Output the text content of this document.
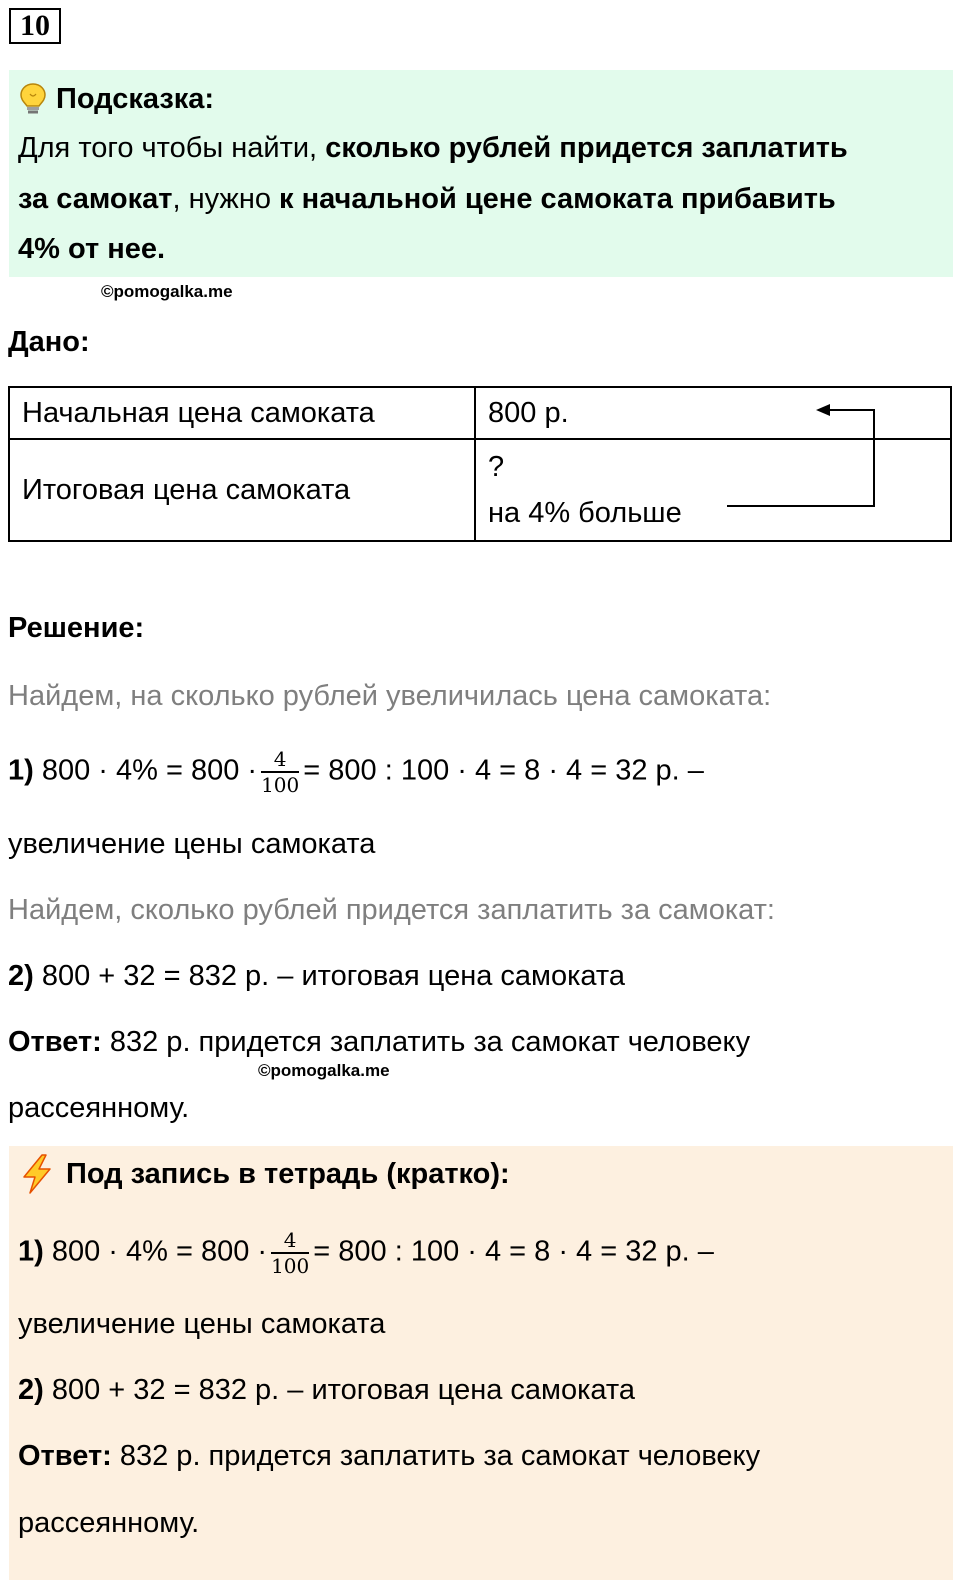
10
Подсказка:
Для того чтобы найти, сколько рублей придется заплатить
за самокат, нужно к начальной цене самоката прибавить
4% от нее.
©pomogalka.me
Дано:
Начальная цена самоката	800 р.
Итоговая цена самоката	?
на 4% больше
Решение:
Найдем, на сколько рублей увеличилась цена самоката:
1) $800 \cdot 4\% = 800 \cdot \frac{4}{100} = 800$ : 100 · 4 = 8 · 4 = 32 р. –
увеличение цены самоката
Найдем, сколько рублей придется заплатить за самокат:
2) 800 + 32 = 832 р. – итоговая цена самоката
Ответ: 832 р. придется заплатить за самокат человеку
©pomogalka.me
рассеянному.
Под запись в тетрадь (кратко):
1) $800 \cdot 4\% = 800 \cdot \frac{4}{100} = 800$ : 100 · 4 = 8 · 4 = 32 р. –
увеличение цены самоката
2) 800 + 32 = 832 р. – итоговая цена самоката
Ответ: 832 р. придется заплатить за самокат человеку
рассеянному.
